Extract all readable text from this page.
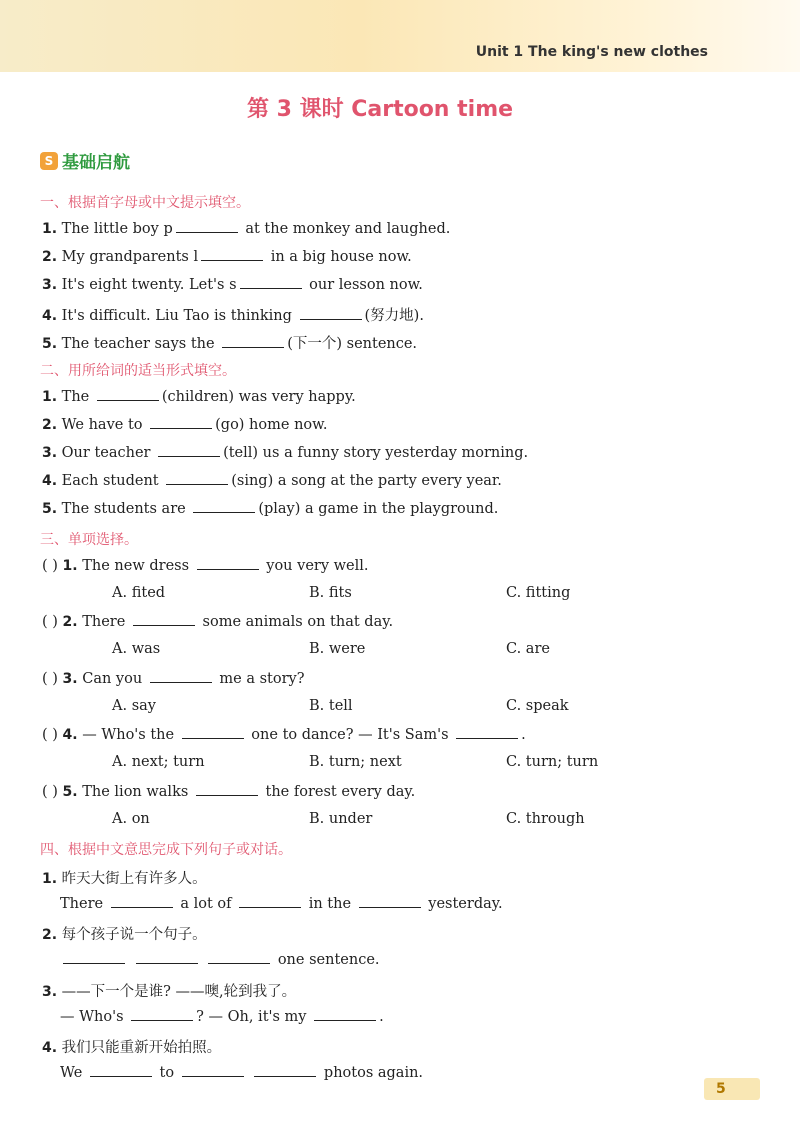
Unit 1 The king's new clothes
第 3 课时 Cartoon time
S 基础启航
一、根据首字母或中文提示填空。
1. The little boy p	at the monkey and laughed.
2. My grandparents l	in a big house now.
3. It's eight twenty. Let's s	our lesson now.
4. It's difficult. Liu Tao is thinking	(努力地).
5. The teacher says the	(下一个) sentence.
二、用所给词的适当形式填空。
1. The	(children) was very happy.
2. We have to	(go) home now.
3. Our teacher	(tell) us a funny story yesterday morning.
4. Each student	(sing) a song at the party every year.
5. The students are	(play) a game in the playground.
三、单项选择。
( ) 1. The new dress	you very well.
A. fited	B. fits	C. fitting
( ) 2. There	some animals on that day.
A. was	B. were	C. are
( ) 3. Can you	me a story?
A. say	B. tell	C. speak
( ) 4. — Who's the	one to dance? — It's Sam's	.
A. next; turn	B. turn; next	C. turn; turn
( ) 5. The lion walks	the forest every day.
A. on	B. under	C. through
四、根据中文意思完成下列句子或对话。
1. 昨天大街上有许多人。
There	a lot of	in the	yesterday.
2. 每个孩子说一个句子。
one sentence.
3. ——下一个是谁? ——噢,轮到我了。
— Who's	? — Oh, it's my	.
4. 我们只能重新开始拍照。
We	to	photos again.
5
